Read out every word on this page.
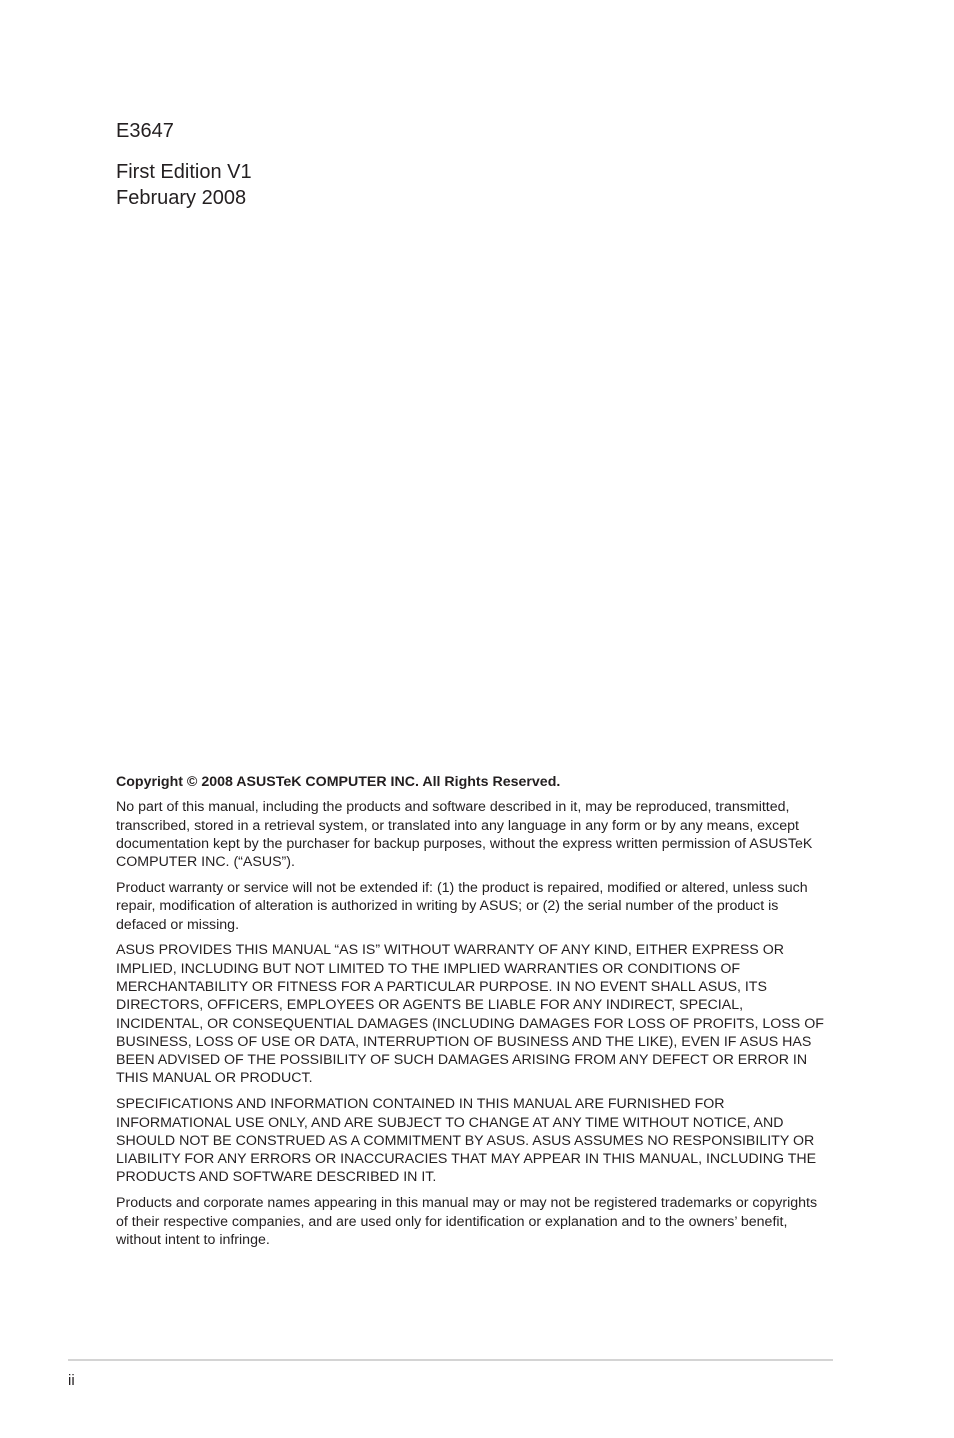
E3647
First Edition V1
February 2008

Copyright © 2008 ASUSTeK COMPUTER INC. All Rights Reserved.

No part of this manual, including the products and software described in it, may be reproduced, transmitted, transcribed, stored in a retrieval system, or translated into any language in any form or by any means, except documentation kept by the purchaser for backup purposes, without the express written permission of ASUSTeK COMPUTER INC. (“ASUS”).

Product warranty or service will not be extended if: (1) the product is repaired, modified or altered, unless such repair, modification of alteration is authorized in writing by ASUS; or (2) the serial number of the product is defaced or missing.

ASUS PROVIDES THIS MANUAL “AS IS” WITHOUT WARRANTY OF ANY KIND, EITHER EXPRESS OR IMPLIED, INCLUDING BUT NOT LIMITED TO THE IMPLIED WARRANTIES OR CONDITIONS OF MERCHANTABILITY OR FITNESS FOR A PARTICULAR PURPOSE. IN NO EVENT SHALL ASUS, ITS DIRECTORS, OFFICERS, EMPLOYEES OR AGENTS BE LIABLE FOR ANY INDIRECT, SPECIAL, INCIDENTAL, OR CONSEQUENTIAL DAMAGES (INCLUDING DAMAGES FOR LOSS OF PROFITS, LOSS OF BUSINESS, LOSS OF USE OR DATA, INTERRUPTION OF BUSINESS AND THE LIKE), EVEN IF ASUS HAS BEEN ADVISED OF THE POSSIBILITY OF SUCH DAMAGES ARISING FROM ANY DEFECT OR ERROR IN THIS MANUAL OR PRODUCT.

SPECIFICATIONS AND INFORMATION CONTAINED IN THIS MANUAL ARE FURNISHED FOR INFORMATIONAL USE ONLY, AND ARE SUBJECT TO CHANGE AT ANY TIME WITHOUT NOTICE, AND SHOULD NOT BE CONSTRUED AS A COMMITMENT BY ASUS. ASUS ASSUMES NO RESPONSIBILITY OR LIABILITY FOR ANY ERRORS OR INACCURACIES THAT MAY APPEAR IN THIS MANUAL, INCLUDING THE PRODUCTS AND SOFTWARE DESCRIBED IN IT.

Products and corporate names appearing in this manual may or may not be registered trademarks or copyrights of their respective companies, and are used only for identification or explanation and to the owners’ benefit, without intent to infringe.

ii
